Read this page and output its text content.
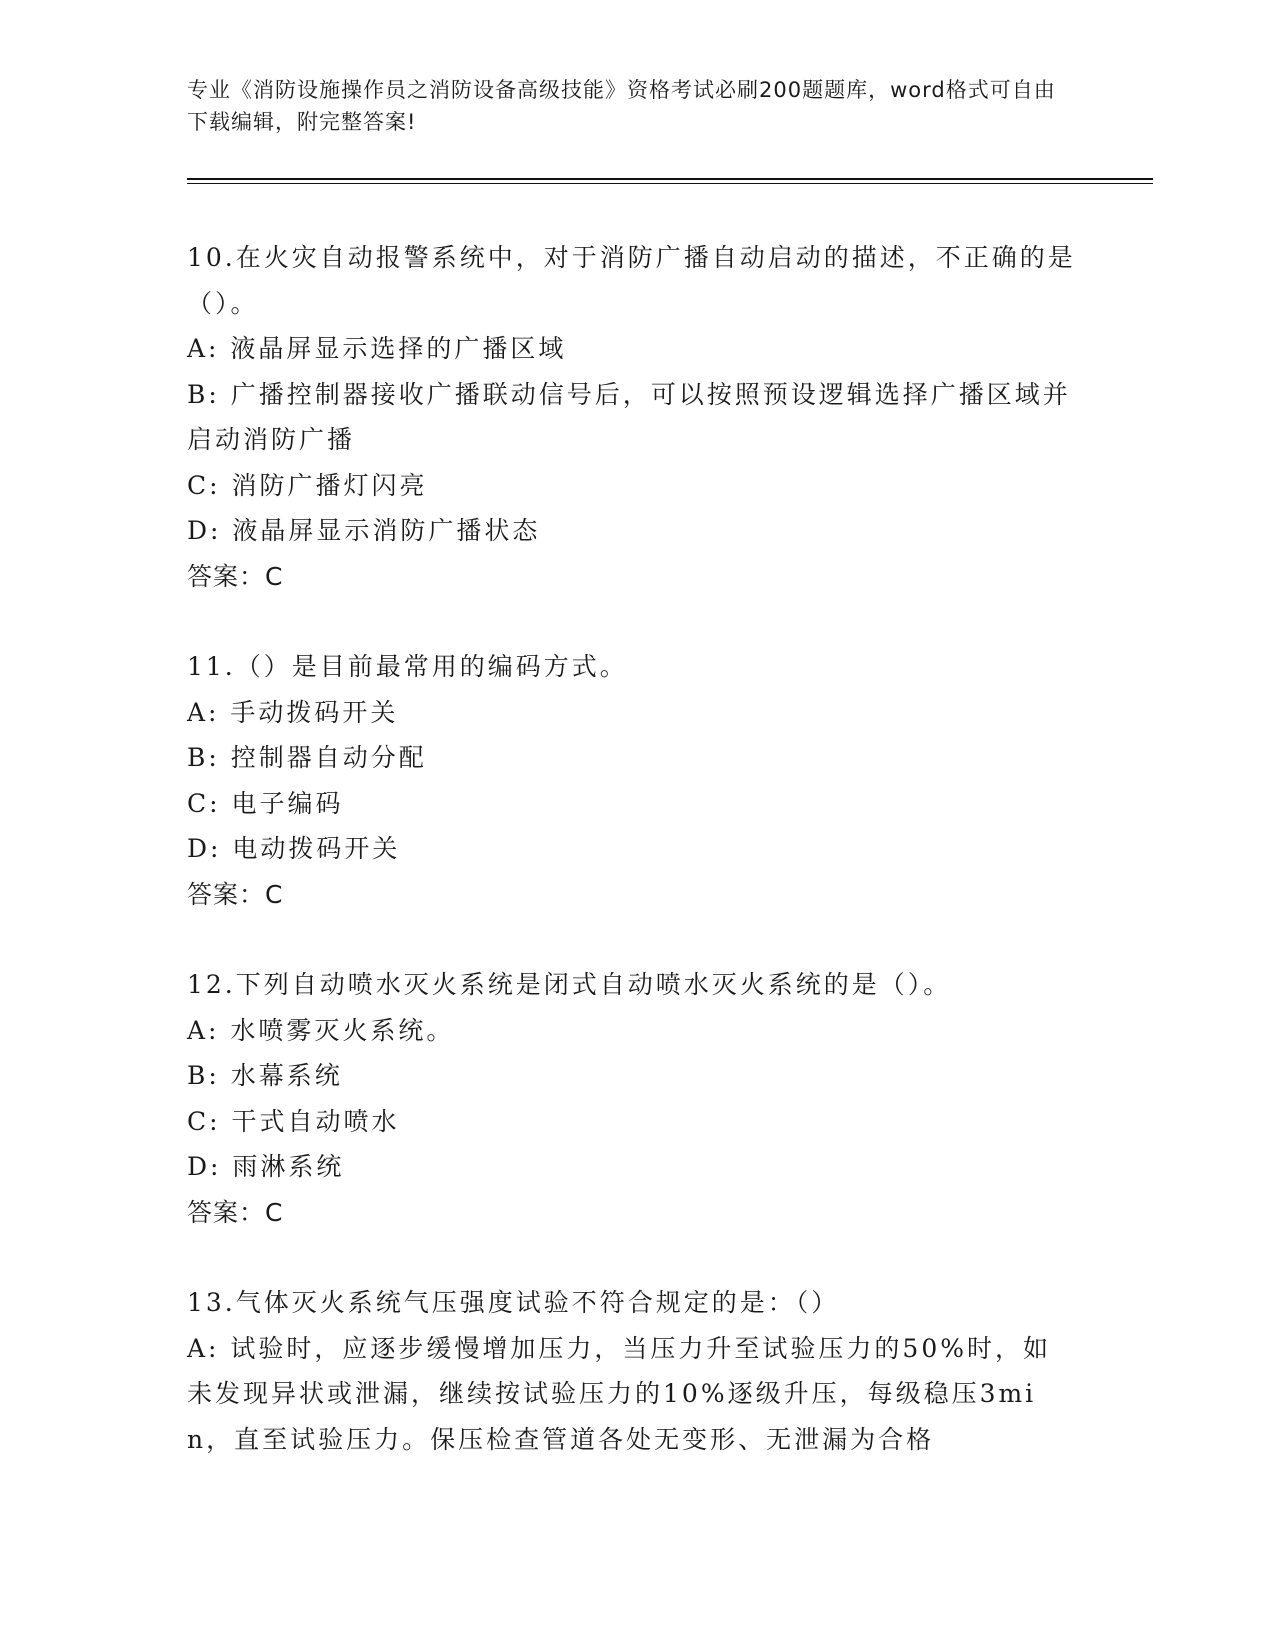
专业《消防设施操作员之消防设备高级技能》资格考试必刷200题题库，word格式可自由下载编辑，附完整答案!

10.在火灾自动报警系统中，对于消防广播自动启动的描述，不正确的是（）。

A: 液晶屏显示选择的广播区域

B: 广播控制器接收广播联动信号后，可以按照预设逻辑选择广播区域并启动消防广播

C: 消防广播灯闪亮

D: 液晶屏显示消防广播状态

答案：C

11.（）是目前最常用的编码方式。

A: 手动拨码开关

B: 控制器自动分配

C: 电子编码

D: 电动拨码开关

答案：C

12.下列自动喷水灭火系统是闭式自动喷水灭火系统的是（）。

A: 水喷雾灭火系统。

B: 水幕系统

C: 干式自动喷水

D: 雨淋系统

答案：C

13.气体灭火系统气压强度试验不符合规定的是：（）

A: 试验时，应逐步缓慢增加压力，当压力升至试验压力的50%时，如未发现异状或泄漏，继续按试验压力的10%逐级升压，每级稳压3min，直至试验压力。保压检查管道各处无变形、无泄漏为合格
